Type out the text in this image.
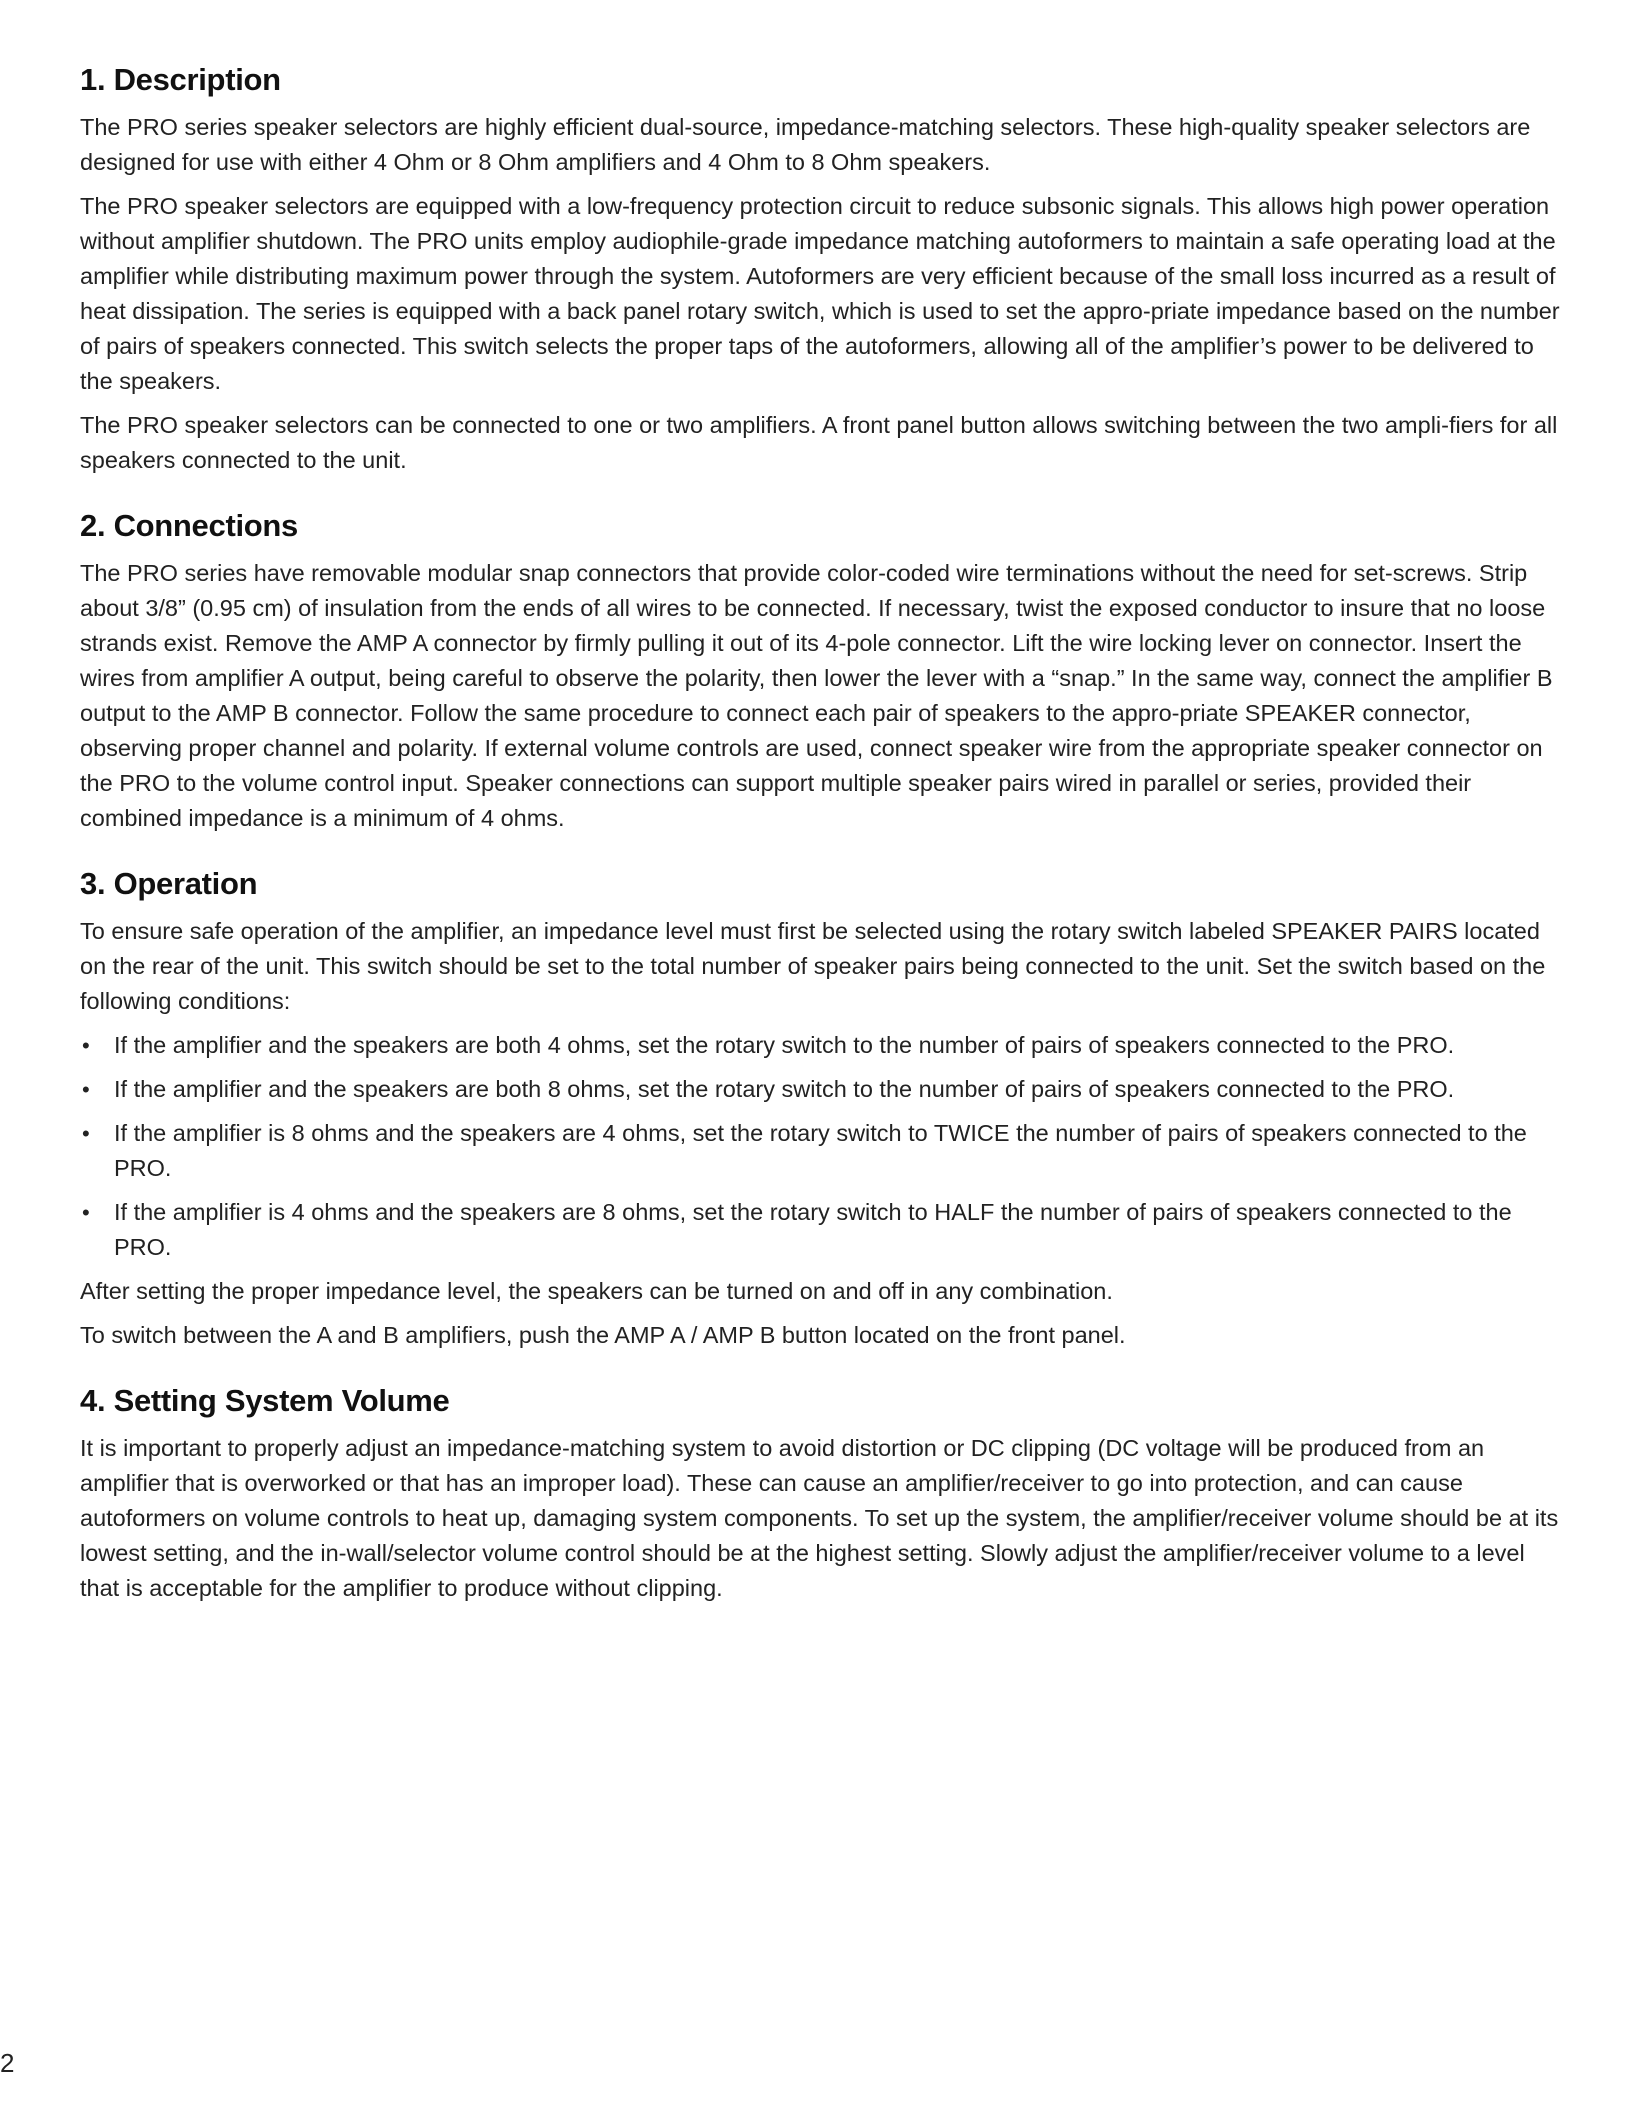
1. Description

The PRO series speaker selectors are highly efficient dual-source, impedance-matching selectors. These high-quality speaker selectors are designed for use with either 4 Ohm or 8 Ohm amplifiers and 4 Ohm to 8 Ohm speakers.

The PRO speaker selectors are equipped with a low-frequency protection circuit to reduce subsonic signals. This allows high power operation without amplifier shutdown. The PRO units employ audiophile-grade impedance matching autoformers to maintain a safe operating load at the amplifier while distributing maximum power through the system. Autoformers are very efficient because of the small loss incurred as a result of heat dissipation. The series is equipped with a back panel rotary switch, which is used to set the appro-priate impedance based on the number of pairs of speakers connected. This switch selects the proper taps of the autoformers, allowing all of the amplifier’s power to be delivered to the speakers.

The PRO speaker selectors can be connected to one or two amplifiers. A front panel button allows switching between the two ampli-fiers for all speakers connected to the unit.

2. Connections

The PRO series have removable modular snap connectors that provide color-coded wire terminations without the need for set-screws. Strip about 3/8” (0.95 cm) of insulation from the ends of all wires to be connected. If necessary, twist the exposed conductor to insure that no loose strands exist. Remove the AMP A connector by firmly pulling it out of its 4-pole connector. Lift the wire locking lever on connector. Insert the wires from amplifier A output, being careful to observe the polarity, then lower the lever with a “snap.” In the same way, connect the amplifier B output to the AMP B connector. Follow the same procedure to connect each pair of speakers to the appro-priate SPEAKER connector, observing proper channel and polarity. If external volume controls are used, connect speaker wire from the appropriate speaker connector on the PRO to the volume control input. Speaker connections can support multiple speaker pairs wired in parallel or series, provided their combined impedance is a minimum of 4 ohms.

3. Operation

To ensure safe operation of the amplifier, an impedance level must first be selected using the rotary switch labeled SPEAKER PAIRS located on the rear of the unit. This switch should be set to the total number of speaker pairs being connected to the unit. Set the switch based on the following conditions:

• If the amplifier and the speakers are both 4 ohms, set the rotary switch to the number of pairs of speakers connected to the PRO.
• If the amplifier and the speakers are both 8 ohms, set the rotary switch to the number of pairs of speakers connected to the PRO.
• If the amplifier is 8 ohms and the speakers are 4 ohms, set the rotary switch to TWICE the number of pairs of speakers connected to the PRO.
• If the amplifier is 4 ohms and the speakers are 8 ohms, set the rotary switch to HALF the number of pairs of speakers connected to the PRO.

After setting the proper impedance level, the speakers can be turned on and off in any combination.

To switch between the A and B amplifiers, push the AMP A / AMP B button located on the front panel.

4. Setting System Volume

It is important to properly adjust an impedance-matching system to avoid distortion or DC clipping (DC voltage will be produced from an amplifier that is overworked or that has an improper load). These can cause an amplifier/receiver to go into protection, and can cause autoformers on volume controls to heat up, damaging system components. To set up the system, the amplifier/receiver volume should be at its lowest setting, and the in-wall/selector volume control should be at the highest setting. Slowly adjust the amplifier/receiver volume to a level that is acceptable for the amplifier to produce without clipping.

2
